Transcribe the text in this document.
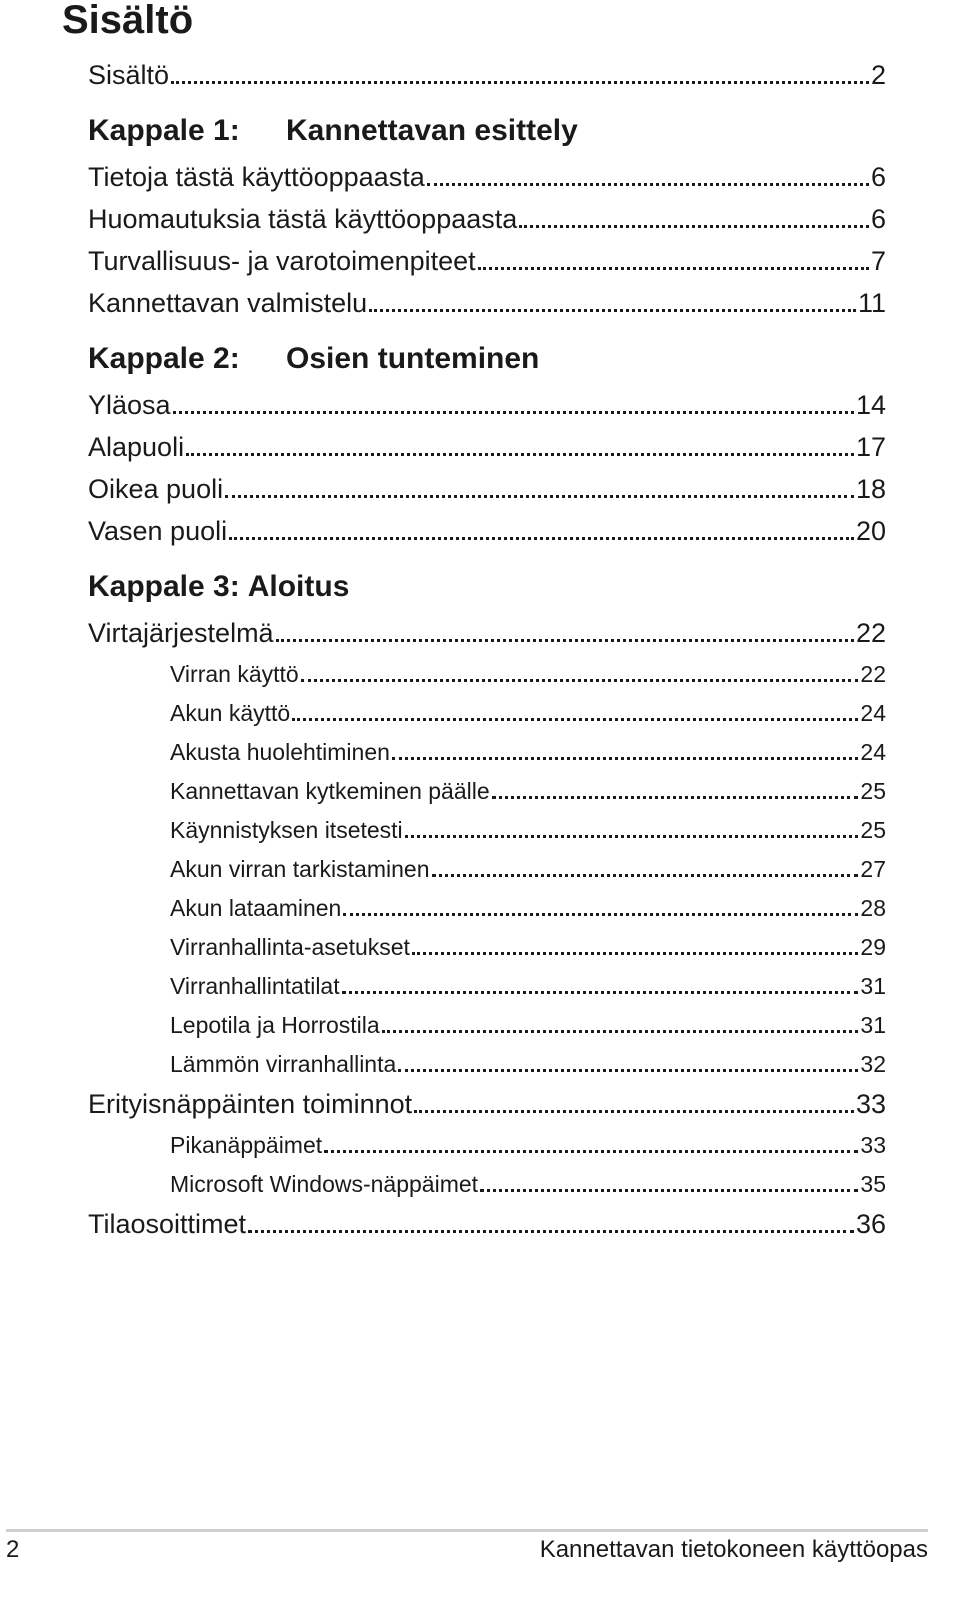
Sisältö
Sisältö	2
Kappale 1: Kannettavan esittely
Tietoja tästä käyttöoppaasta	6
Huomautuksia tästä käyttöoppaasta	6
Turvallisuus- ja varotoimenpiteet	7
Kannettavan valmistelu	11
Kappale 2: Osien tunteminen
Yläosa	14
Alapuoli	17
Oikea puoli	18
Vasen puoli	20
Kappale 3: Aloitus
Virtajärjestelmä	22
Virran käyttö	22
Akun käyttö	24
Akusta huolehtiminen	24
Kannettavan kytkeminen päälle	25
Käynnistyksen itsetesti	25
Akun virran tarkistaminen	27
Akun lataaminen	28
Virranhallinta-asetukset	29
Virranhallintatilat	31
Lepotila ja Horrostila	31
Lämmön virranhallinta	32
Erityisnäppäinten toiminnot	33
Pikanäppäimet	33
Microsoft Windows-näppäimet	35
Tilaosoittimet	36
2	Kannettavan tietokoneen käyttöopas
